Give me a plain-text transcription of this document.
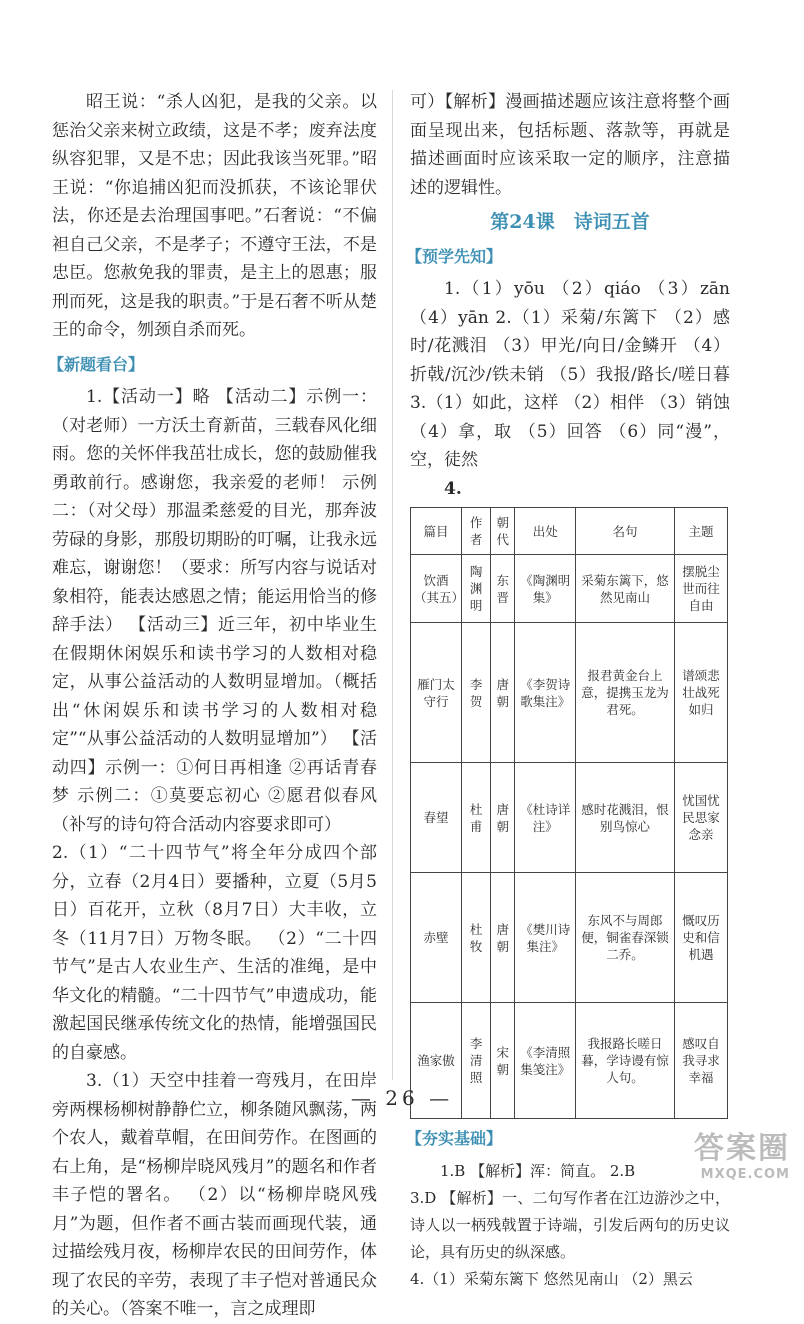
昭王说：“杀人凶犯，是我的父亲。以惩治父亲来树立政绩，这是不孝；废弃法度纵容犯罪，又是不忠；因此我该当死罪。”昭王说：“你追捕凶犯而没抓获，不该论罪伏法，你还是去治理国事吧。”石奢说：“不偏袒自己父亲，不是孝子；不遵守王法，不是忠臣。您赦免我的罪责，是主上的恩惠；服刑而死，这是我的职责。”于是石奢不听从楚王的命令，刎颈自杀而死。

【新题看台】

1.【活动一】略 【活动二】示例一：（对老师）一方沃土育新苗，三载春风化细雨。您的关怀伴我茁壮成长，您的鼓励催我勇敢前行。感谢您，我亲爱的老师！ 示例二：（对父母）那温柔慈爱的目光，那奔波劳碌的身影，那殷切期盼的叮嘱，让我永远难忘，谢谢您！（要求：所写内容与说话对象相符，能表达感恩之情；能运用恰当的修辞手法） 【活动三】近三年，初中毕业生在假期休闲娱乐和读书学习的人数相对稳定，从事公益活动的人数明显增加。（概括出“休闲娱乐和读书学习的人数相对稳定”“从事公益活动的人数明显增加”） 【活动四】示例一：①何日再相逢 ②再话青春梦 示例二：①莫要忘初心 ②愿君似春风（补写的诗句符合活动内容要求即可）

2.（1）“二十四节气”将全年分成四个部分，立春（2月4日）要播种，立夏（5月5日）百花开，立秋（8月7日）大丰收，立冬（11月7日）万物冬眠。 （2）“二十四节气”是古人农业生产、生活的准绳，是中华文化的精髓。“二十四节气”申遗成功，能激起国民继承传统文化的热情，能增强国民的自豪感。

3.（1）天空中挂着一弯残月，在田岸旁两棵杨柳树静静伫立，柳条随风飘荡，两个农人，戴着草帽，在田间劳作。在图画的右上角，是“杨柳岸晓风残月”的题名和作者丰子恺的署名。 （2）以“杨柳岸晓风残月”为题，但作者不画古装而画现代装，通过描绘残月夜，杨柳岸农民的田间劳作，体现了农民的辛劳，表现了丰子恺对普通民众的关心。（答案不唯一，言之成理即

可）【解析】漫画描述题应该注意将整个画面呈现出来，包括标题、落款等，再就是描述画面时应该采取一定的顺序，注意描述的逻辑性。

第24课　诗词五首
【预学先知】

1.（1）yōu （2）qiáo （3）zān （4）yān 2.（1）采菊/东篱下 （2）感时/花溅泪 （3）甲光/向日/金鳞开 （4）折戟/沉沙/铁未销 （5）我报/路长/嗟日暮 3.（1）如此，这样 （2）相伴 （3）销蚀 （4）拿，取 （5）回答 （6）同“漫”，空，徒然

4.
篇目	作者	朝代	出处	名句	主题
饮酒（其五）	陶渊明	东晋	《陶渊明集》	采菊东篱下，悠然见南山	摆脱尘世而往自由
雁门太守行	李贺	唐朝	《李贺诗歌集注》	报君黄金台上意，提携玉龙为君死。	谱颂悲壮战死如归
春望	杜甫	唐朝	《杜诗详注》	感时花溅泪，恨别鸟惊心	忧国忧民思家念亲
赤壁	杜牧	唐朝	《樊川诗集注》	东风不与周郎便，铜雀春深锁二乔。	慨叹历史和信机遇
渔家傲	李清照	宋朝	《李清照集笺注》	我报路长嗟日暮，学诗谩有惊人句。	感叹自我寻求幸福
【夯实基础】

1.B 【解析】浑：简直。 2.B

3.D 【解析】一、二句写作者在江边游沙之中，诗人以一柄残戟置于诗端，引发后两句的历史议论，具有历史的纵深感。

4.（1）采菊东篱下 悠然见南山 （2）黑云

— 26 —
答案圈
MXQE.COM
